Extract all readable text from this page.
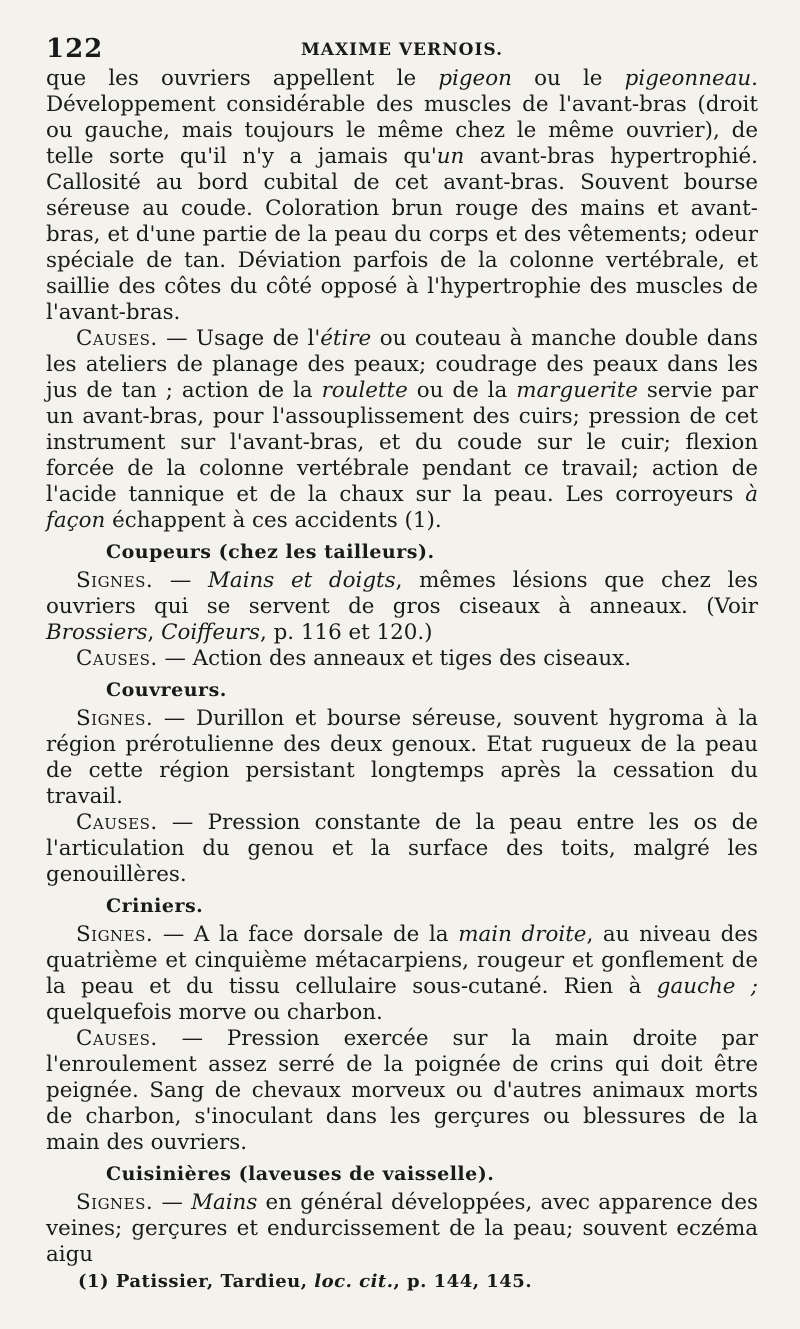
122	MAXIME VERNOIS.

que les ouvriers appellent le pigeon ou le pigeonneau. Développement considérable des muscles de l'avant-bras (droit ou gauche, mais toujours le même chez le même ouvrier), de telle sorte qu'il n'y a jamais qu'un avant-bras hypertrophié. Callosité au bord cubital de cet avant-bras. Souvent bourse séreuse au coude. Coloration brun rouge des mains et avant-bras, et d'une partie de la peau du corps et des vêtements; odeur spéciale de tan. Déviation parfois de la colonne vertébrale, et saillie des côtes du côté opposé à l'hypertrophie des muscles de l'avant-bras.

Causes. — Usage de l'étire ou couteau à manche double dans les ateliers de planage des peaux; coudrage des peaux dans les jus de tan ; action de la roulette ou de la marguerite servie par un avant-bras, pour l'assouplissement des cuirs; pression de cet instrument sur l'avant-bras, et du coude sur le cuir; flexion forcée de la colonne vertébrale pendant ce travail; action de l'acide tannique et de la chaux sur la peau. Les corroyeurs à façon échappent à ces accidents (1).

Coupeurs (chez les tailleurs).

Signes. — Mains et doigts, mêmes lésions que chez les ouvriers qui se servent de gros ciseaux à anneaux. (Voir Brossiers, Coiffeurs, p. 116 et 120.)

Causes. — Action des anneaux et tiges des ciseaux.

Couvreurs.

Signes. — Durillon et bourse séreuse, souvent hygroma à la région prérotulienne des deux genoux. Etat rugueux de la peau de cette région persistant longtemps après la cessation du travail.

Causes. — Pression constante de la peau entre les os de l'articulation du genou et la surface des toits, malgré les genouillères.

Criniers.

Signes. — A la face dorsale de la main droite, au niveau des quatrième et cinquième métacarpiens, rougeur et gonflement de la peau et du tissu cellulaire sous-cutané. Rien à gauche ; quelquefois morve ou charbon.

Causes. — Pression exercée sur la main droite par l'enroulement assez serré de la poignée de crins qui doit être peignée. Sang de chevaux morveux ou d'autres animaux morts de charbon, s'inoculant dans les gerçures ou blessures de la main des ouvriers.

Cuisinières (laveuses de vaisselle).

Signes. — Mains en général développées, avec apparence des veines; gerçures et endurcissement de la peau; souvent eczéma aigu

(1) Patissier, Tardieu, loc. cit., p. 144, 145.
